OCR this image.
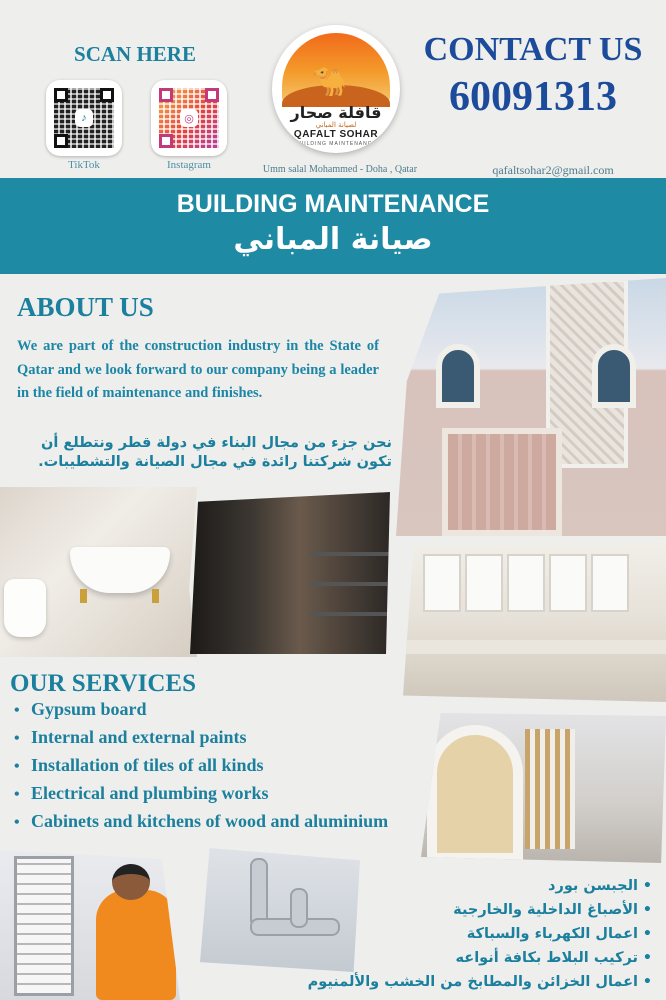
SCAN HERE
♪
TikTok
◎
Instagram
🐪
قافلة صحار
لصيانة المباني
QAFALT SOHAR
BUILDING MAINTENANCE
Umm salal Mohammed - Doha , Qatar
CONTACT US
60091313
qafaltsohar2@gmail.com
BUILDING MAINTENANCE
صيانة المباني
ABOUT US
We are part of the construction industry in the State of Qatar and we look forward to our company being a leader in the field of maintenance and finishes.
نحن جزء من مجال البناء في دولة قطر ونتطلع أن تكون شركتنا رائدة في مجال الصيانة والتشطيبات.
OUR SERVICES
• Gypsum board
• Internal and external paints
• Installation of tiles of all kinds
• Electrical and plumbing works
• Cabinets and kitchens of wood and aluminium
• الجبسن بورد
• الأصباغ الداخلية والخارجية
• اعمال الكهرباء والسباكة
• تركيب البلاط بكافة أنواعه
• اعمال الخزائن والمطابخ من الخشب والألمنيوم
